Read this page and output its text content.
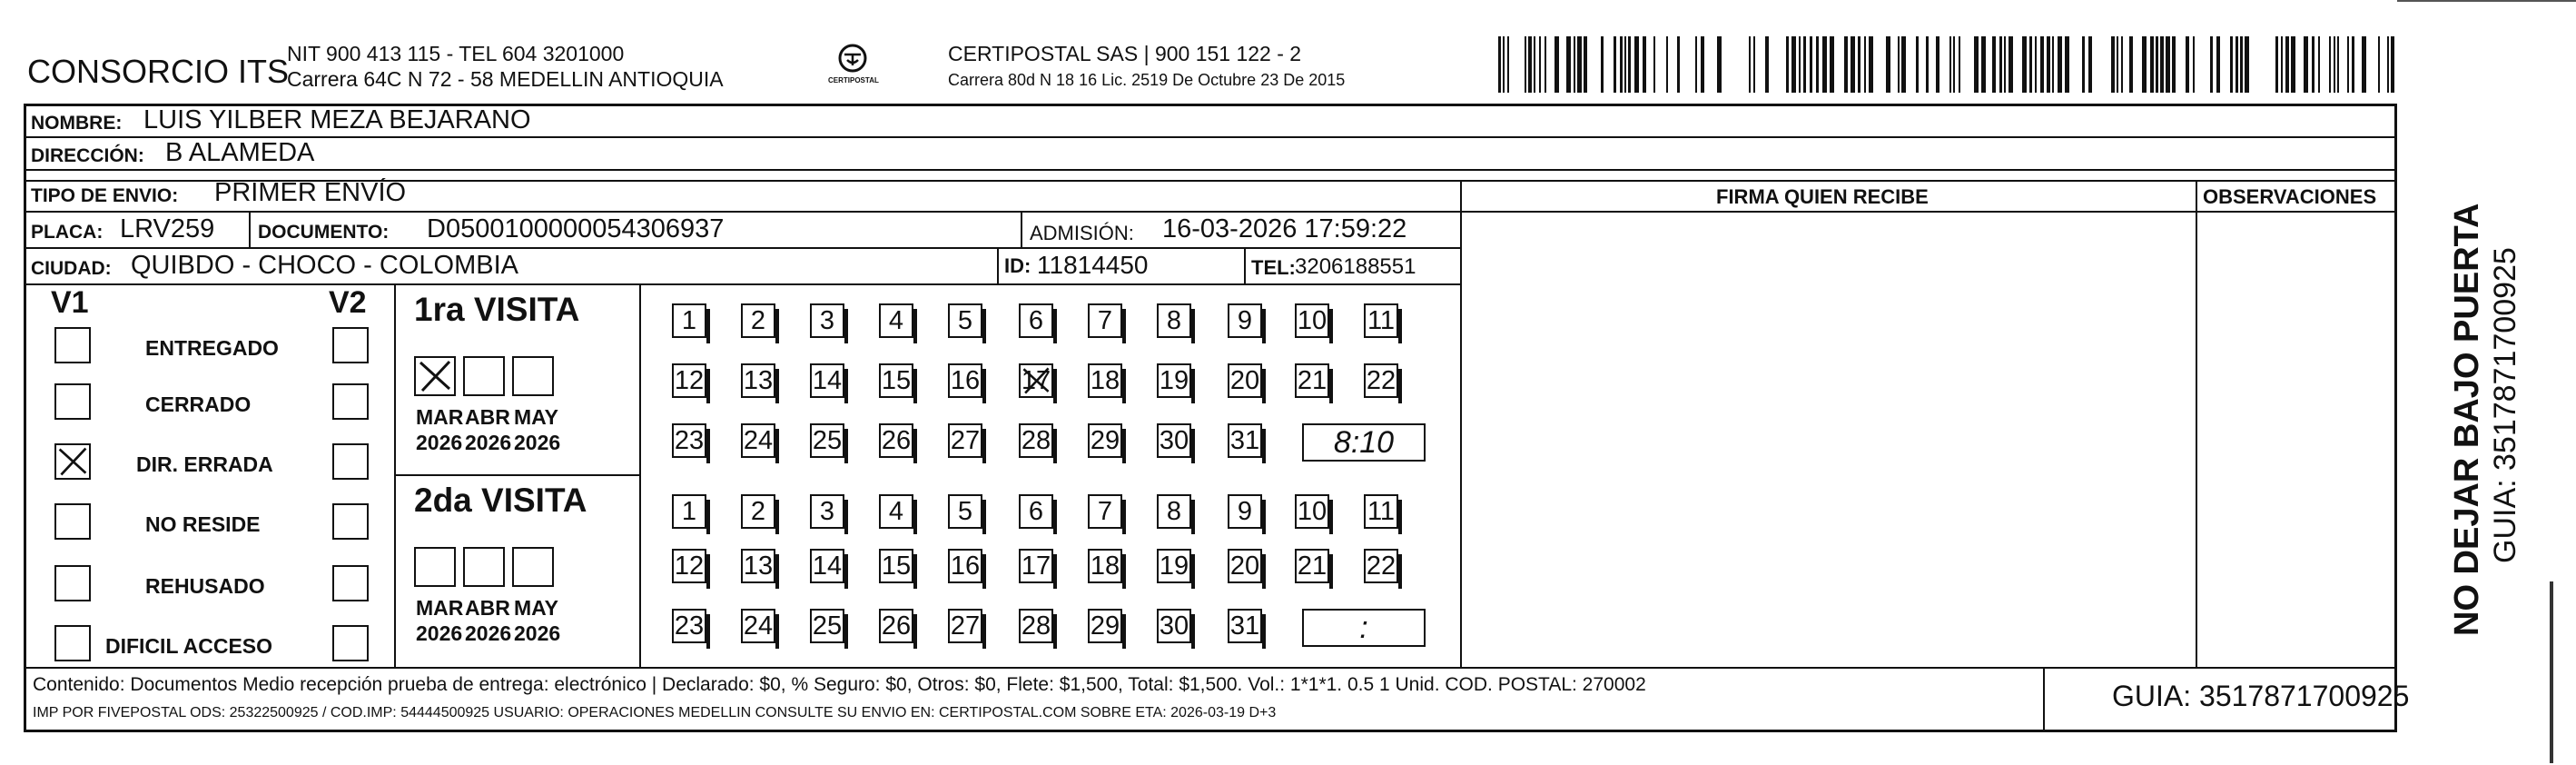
CONSORCIO ITS
NIT 900 413 115 - TEL 604 3201000
Carrera 64C N 72 - 58 MEDELLIN ANTIOQUIA	CERTIPOSTAL
CERTIPOSTAL SAS | 900 151 122 - 2
Carrera 80d N 18 16 Lic. 2519 De Octubre 23 De 2015
NOMBRE: LUIS YILBER MEZA BEJARANO
DIRECCIÓN: B ALAMEDA
TIPO DE ENVIO: PRIMER ENVÍO	FIRMA QUIEN RECIBE	OBSERVACIONES
PLACA: LRV259 DOCUMENTO: D0500100000054306937	ADMISIÓN: 16-03-2026 17:59:22
CIUDAD: QUIBDO - CHOCO - COLOMBIA	ID: 11814450	TEL: 3206188551
V1	V2
ENTREGADO
CERRADO
DIR. ERRADA
NO RESIDE
REHUSADO
DIFICIL ACCESO
1ra VISITA
2da VISITA
MAR
2026
ABR
2026
MAY
2026
1	2	3	4	5	6	7	8	9	10 11
12 13 14 15 16 17 18 19 20 21 22
23 24 25 26 27 28 29 30 31	8:10
MAR
2026
ABR
2026
MAY
2026
1	2	3	4	5	6	7	8	9	10 11
12 13 14 15 16 17 18 19 20 21 22
23 24 25 26 27 28 29 30 31	:
Contenido: Documentos Medio recepción prueba de entrega: electrónico | Declarado: $0, % Seguro: $0, Otros: $0, Flete: $1,500, Total: $1,500. Vol.: 1*1*1. 0.5 1 Unid. COD. POSTAL: 270002
IMP POR FIVEPOSTAL ODS: 25322500925 / COD.IMP: 54444500925 USUARIO: OPERACIONES MEDELLIN CONSULTE SU ENVIO EN: CERTIPOSTAL.COM SOBRE ETA: 2026-03-19 D+3
GUIA: 3517871700925
NO DEJAR BAJO PUERTA GUIA: 3517871700925
